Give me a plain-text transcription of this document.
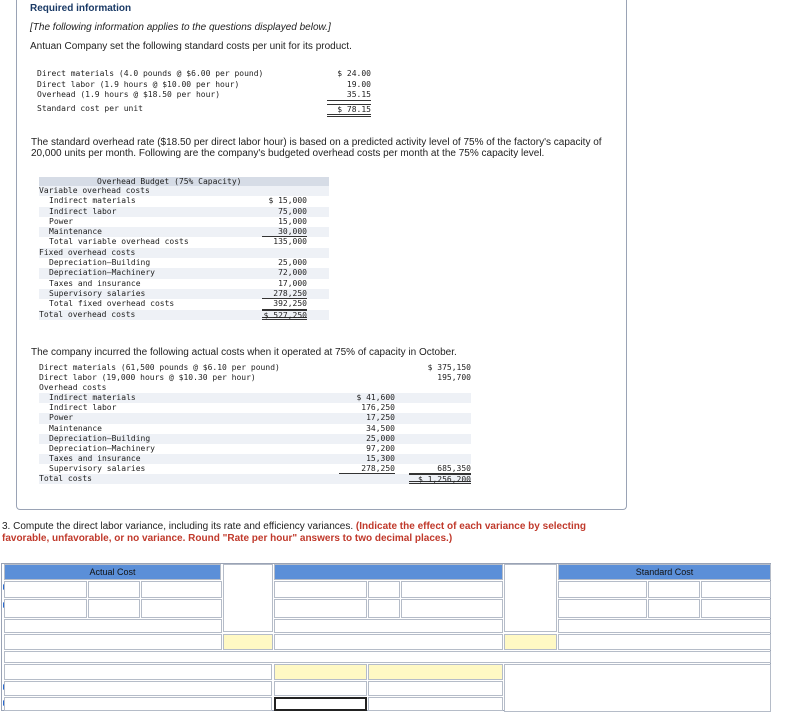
Required information
[The following information applies to the questions displayed below.]
Antuan Company set the following standard costs per unit for its product.
Direct materials (4.0 pounds @ $6.00 per pound)	$ 24.00
Direct labor (1.9 hours @ $10.00 per hour)	19.00
Overhead (1.9 hours @ $18.50 per hour)	35.15
Standard cost per unit	$ 78.15
The standard overhead rate ($18.50 per direct labor hour) is based on a predicted activity level of 75% of the factory's capacity of 20,000 units per month. Following are the company's budgeted overhead costs per month at the 75% capacity level.
Overhead Budget (75% Capacity)
Variable overhead costs
Indirect materials	$ 15,000
Indirect labor	75,000
Power	15,000
Maintenance	30,000
Total variable overhead costs	135,000
Fixed overhead costs
Depreciation—Building	25,000
Depreciation—Machinery	72,000
Taxes and insurance	17,000
Supervisory salaries	278,250
Total fixed overhead costs	392,250
Total overhead costs	$ 527,250
The company incurred the following actual costs when it operated at 75% of capacity in October.
Direct materials (61,500 pounds @ $6.10 per pound)	$ 375,150
Direct labor (19,000 hours @ $10.30 per hour)	195,700
Overhead costs
Indirect materials	$ 41,600
Indirect labor	176,250
Power	17,250
Maintenance	34,500
Depreciation—Building	25,000
Depreciation—Machinery	97,200
Taxes and insurance	15,300
Supervisory salaries	278,250	685,350
Total costs	$ 1,256,200
3. Compute the direct labor variance, including its rate and efficiency variances. (Indicate the effect of each variance by selecting favorable, unfavorable, or no variance. Round "Rate per hour" answers to two decimal places.)
Actual Cost	Standard Cost
